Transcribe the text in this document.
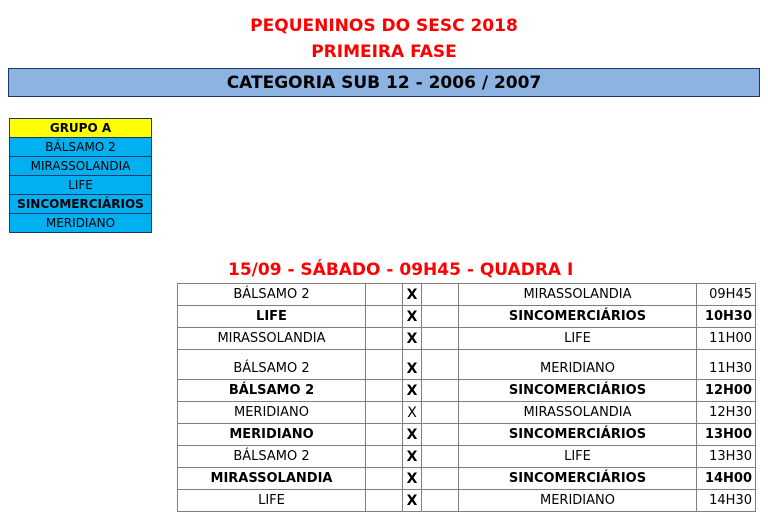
PEQUENINOS DO SESC 2018
PRIMEIRA FASE
CATEGORIA SUB 12 - 2006 / 2007
GRUPO A
BÁLSAMO 2
MIRASSOLANDIA
LIFE
SINCOMERCIÁRIOS
MERIDIANO
15/09 - SÁBADO - 09H45 - QUADRA I
BÁLSAMO 2		X		MIRASSOLANDIA	09H45
LIFE		X		SINCOMERCIÁRIOS	10H30
MIRASSOLANDIA		X		LIFE	11H00
BÁLSAMO 2		X		MERIDIANO	11H30
BÁLSAMO 2		X		SINCOMERCIÁRIOS	12H00
MERIDIANO		X		MIRASSOLANDIA	12H30
MERIDIANO		X		SINCOMERCIÁRIOS	13H00
BÁLSAMO 2		X		LIFE	13H30
MIRASSOLANDIA		X		SINCOMERCIÁRIOS	14H00
LIFE		X		MERIDIANO	14H30
